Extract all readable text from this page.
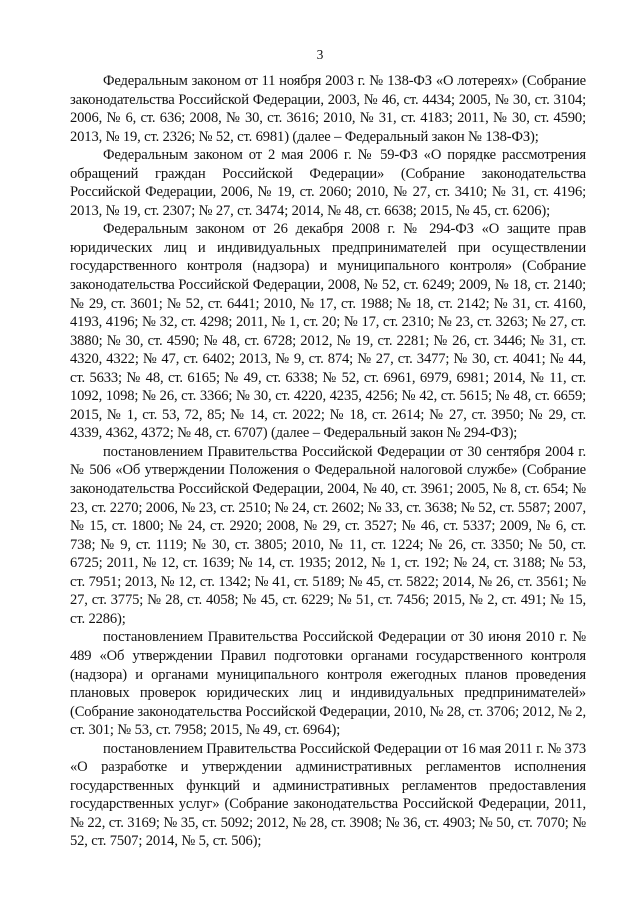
3

Федеральным законом от 11 ноября 2003 г. № 138-ФЗ «О лотереях» (Собрание законодательства Российской Федерации, 2003, № 46, ст. 4434; 2005, № 30, ст. 3104; 2006, № 6, ст. 636; 2008, № 30, ст. 3616; 2010, № 31, ст. 4183; 2011, № 30, ст. 4590; 2013, № 19, ст. 2326; № 52, ст. 6981) (далее – Федеральный закон № 138-ФЗ);

Федеральным законом от 2 мая 2006 г. № 59-ФЗ «О порядке рассмотрения обращений граждан Российской Федерации» (Собрание законодательства Российской Федерации, 2006, № 19, ст. 2060; 2010, № 27, ст. 3410; № 31, ст. 4196; 2013, № 19, ст. 2307; № 27, ст. 3474; 2014, № 48, ст. 6638; 2015, № 45, ст. 6206);

Федеральным законом от 26 декабря 2008 г. № 294-ФЗ «О защите прав юридических лиц и индивидуальных предпринимателей при осуществлении государственного контроля (надзора) и муниципального контроля» (Собрание законодательства Российской Федерации, 2008, № 52, ст. 6249; 2009, № 18, ст. 2140; № 29, ст. 3601; № 52, ст. 6441; 2010, № 17, ст. 1988; № 18, ст. 2142; № 31, ст. 4160, 4193, 4196; № 32, ст. 4298; 2011, № 1, ст. 20; № 17, ст. 2310; № 23, ст. 3263; № 27, ст. 3880; № 30, ст. 4590; № 48, ст. 6728; 2012, № 19, ст. 2281; № 26, ст. 3446; № 31, ст. 4320, 4322; № 47, ст. 6402; 2013, № 9, ст. 874; № 27, ст. 3477; № 30, ст. 4041; № 44, ст. 5633; № 48, ст. 6165; № 49, ст. 6338; № 52, ст. 6961, 6979, 6981; 2014, № 11, ст. 1092, 1098; № 26, ст. 3366; № 30, ст. 4220, 4235, 4256; № 42, ст. 5615; № 48, ст. 6659; 2015, № 1, ст. 53, 72, 85; № 14, ст. 2022; № 18, ст. 2614; № 27, ст. 3950; № 29, ст. 4339, 4362, 4372; № 48, ст. 6707) (далее – Федеральный закон № 294-ФЗ);

постановлением Правительства Российской Федерации от 30 сентября 2004 г. № 506 «Об утверждении Положения о Федеральной налоговой службе» (Собрание законодательства Российской Федерации, 2004, № 40, ст. 3961; 2005, № 8, ст. 654; № 23, ст. 2270; 2006, № 23, ст. 2510; № 24, ст. 2602; № 33, ст. 3638; № 52, ст. 5587; 2007, № 15, ст. 1800; № 24, ст. 2920; 2008, № 29, ст. 3527; № 46, ст. 5337; 2009, № 6, ст. 738; № 9, ст. 1119; № 30, ст. 3805; 2010, № 11, ст. 1224; № 26, ст. 3350; № 50, ст. 6725; 2011, № 12, ст. 1639; № 14, ст. 1935; 2012, № 1, ст. 192; № 24, ст. 3188; № 53, ст. 7951; 2013, № 12, ст. 1342; № 41, ст. 5189; № 45, ст. 5822; 2014, № 26, ст. 3561; № 27, ст. 3775; № 28, ст. 4058; № 45, ст. 6229; № 51, ст. 7456; 2015, № 2, ст. 491; № 15, ст. 2286);

постановлением Правительства Российской Федерации от 30 июня 2010 г. № 489 «Об утверждении Правил подготовки органами государственного контроля (надзора) и органами муниципального контроля ежегодных планов проведения плановых проверок юридических лиц и индивидуальных предпринимателей» (Собрание законодательства Российской Федерации, 2010, № 28, ст. 3706; 2012, № 2, ст. 301; № 53, ст. 7958; 2015, № 49, ст. 6964);

постановлением Правительства Российской Федерации от 16 мая 2011 г. № 373 «О разработке и утверждении административных регламентов исполнения государственных функций и административных регламентов предоставления государственных услуг» (Собрание законодательства Российской Федерации, 2011, № 22, ст. 3169; № 35, ст. 5092; 2012, № 28, ст. 3908; № 36, ст. 4903; № 50, ст. 7070; № 52, ст. 7507; 2014, № 5, ст. 506);
